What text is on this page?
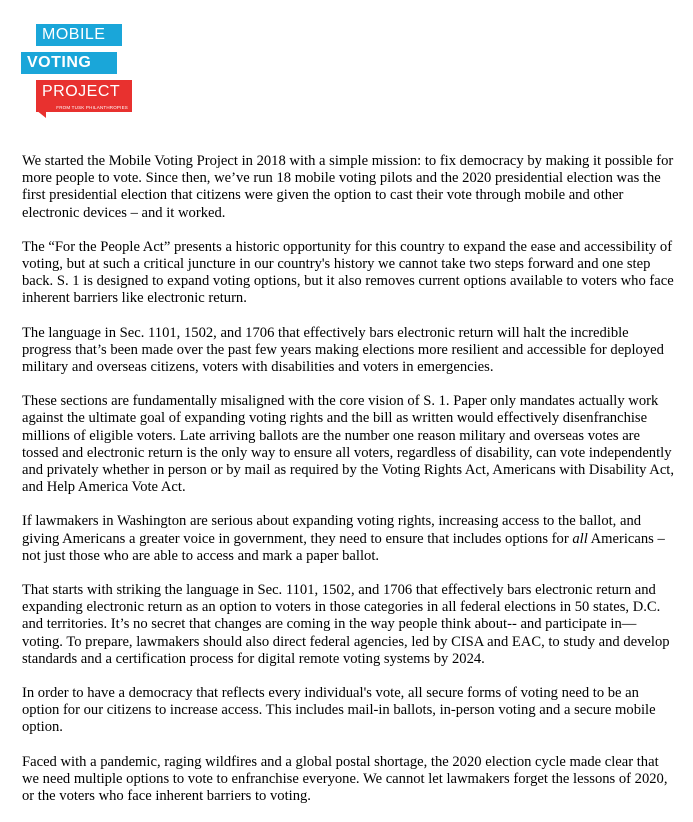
MOBILE
VOTING
PROJECT
FROM TUSK PHILANTHROPIES

We started the Mobile Voting Project in 2018 with a simple mission: to fix democracy by making it possible for more people to vote. Since then, we’ve run 18 mobile voting pilots and the 2020 presidential election was the first presidential election that citizens were given the option to cast their vote through mobile and other electronic devices – and it worked.

The “For the People Act” presents a historic opportunity for this country to expand the ease and accessibility of voting, but at such a critical juncture in our country's history we cannot take two steps forward and one step back. S. 1 is designed to expand voting options, but it also removes current options available to voters who face inherent barriers like electronic return.

The language in Sec. 1101, 1502, and 1706 that effectively bars electronic return will halt the incredible progress that’s been made over the past few years making elections more resilient and accessible for deployed military and overseas citizens, voters with disabilities and voters in emergencies.

These sections are fundamentally misaligned with the core vision of S. 1. Paper only mandates actually work against the ultimate goal of expanding voting rights and the bill as written would effectively disenfranchise millions of eligible voters. Late arriving ballots are the number one reason military and overseas votes are tossed and electronic return is the only way to ensure all voters, regardless of disability, can vote independently and privately whether in person or by mail as required by the Voting Rights Act, Americans with Disability Act, and Help America Vote Act.

If lawmakers in Washington are serious about expanding voting rights, increasing access to the ballot, and giving Americans a greater voice in government, they need to ensure that includes options for all Americans – not just those who are able to access and mark a paper ballot.

That starts with striking the language in Sec. 1101, 1502, and 1706 that effectively bars electronic return and expanding electronic return as an option to voters in those categories in all federal elections in 50 states, D.C. and territories. It’s no secret that changes are coming in the way people think about-- and participate in—voting. To prepare, lawmakers should also direct federal agencies, led by CISA and EAC, to study and develop standards and a certification process for digital remote voting systems by 2024.

In order to have a democracy that reflects every individual's vote, all secure forms of voting need to be an option for our citizens to increase access. This includes mail-in ballots, in-person voting and a secure mobile option.

Faced with a pandemic, raging wildfires and a global postal shortage, the 2020 election cycle made clear that we need multiple options to vote to enfranchise everyone. We cannot let lawmakers forget the lessons of 2020, or the voters who face inherent barriers to voting.
